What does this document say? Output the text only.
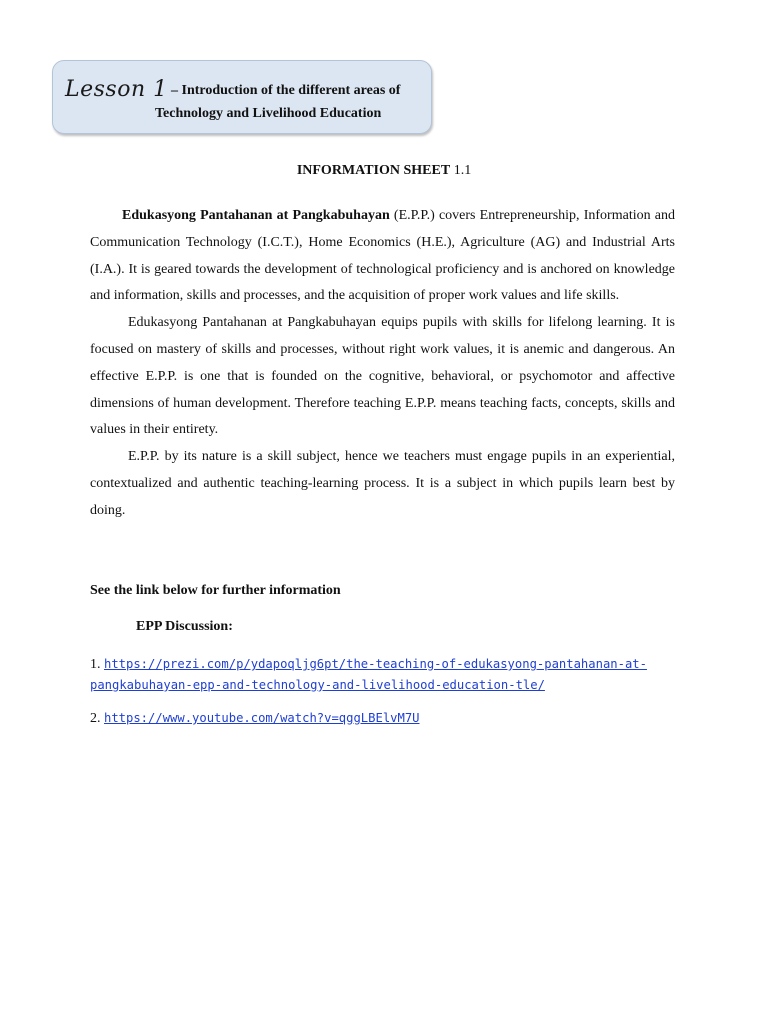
Lesson 1 – Introduction of the different areas of
Technology and Livelihood Education
INFORMATION SHEET 1.1

Edukasyong Pantahanan at Pangkabuhayan (E.P.P.) covers Entrepreneurship, Information and Communication Technology (I.C.T.), Home Economics (H.E.), Agriculture (AG) and Industrial Arts (I.A.). It is geared towards the development of technological proficiency and is anchored on knowledge and information, skills and processes, and the acquisition of proper work values and life skills.

Edukasyong Pantahanan at Pangkabuhayan equips pupils with skills for lifelong learning. It is focused on mastery of skills and processes, without right work values, it is anemic and dangerous. An effective E.P.P. is one that is founded on the cognitive, behavioral, or psychomotor and affective dimensions of human development. Therefore teaching E.P.P. means teaching facts, concepts, skills and values in their entirety.

E.P.P. by its nature is a skill subject, hence we teachers must engage pupils in an experiential, contextualized and authentic teaching-learning process. It is a subject in which pupils learn best by doing.

See the link below for further information
EPP Discussion:
1. https://prezi.com/p/ydapoqljg6pt/the-teaching-of-edukasyong-pantahanan-at-pangkabuhayan-epp-and-technology-and-livelihood-education-tle/
2. https://www.youtube.com/watch?v=qggLBElvM7U
